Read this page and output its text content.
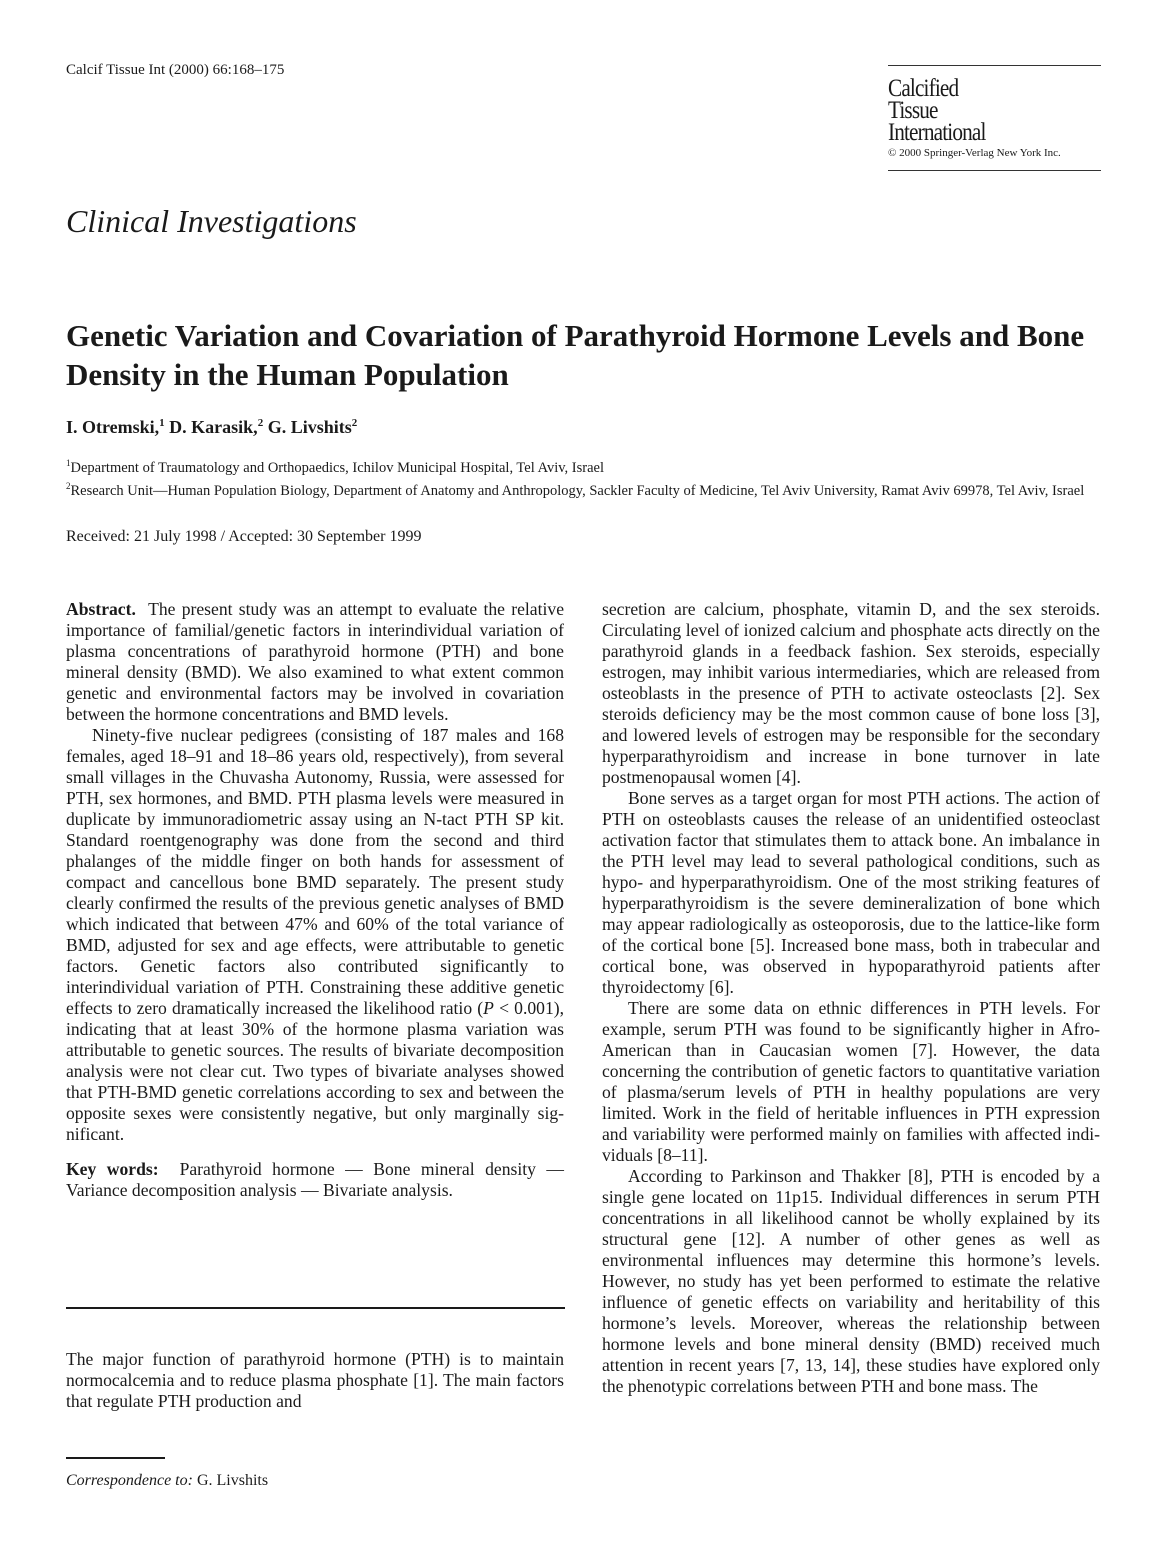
Calcif Tissue Int (2000) 66:168–175
Calcified
Tissue
International
© 2000 Springer-Verlag New York Inc.
Clinical Investigations
Genetic Variation and Covariation of Parathyroid Hormone Levels and Bone Density in the Human Population
I. Otremski,$^1$ D. Karasik,$^2$ G. Livshits$^2$
$^1$Department of Traumatology and Orthopaedics, Ichilov Municipal Hospital, Tel Aviv, Israel
$^2$Research Unit—Human Population Biology, Department of Anatomy and Anthropology, Sackler Faculty of Medicine, Tel Aviv University, Ramat Aviv 69978, Tel Aviv, Israel
Received: 21 July 1998 / Accepted: 30 September 1999

Abstract. The present study was an attempt to evaluate the relative importance of familial/genetic factors in interindividual variation of plasma concentrations of parathyroid hormone (PTH) and bone mineral density (BMD). We also examined to what extent common genetic and environmental factors may be involved in covariation between the hormone concentrations and BMD levels.

Ninety-five nuclear pedigrees (consisting of 187 males and 168 females, aged 18–91 and 18–86 years old, respectively), from several small villages in the Chuvasha Autonomy, Russia, were assessed for PTH, sex hormones, and BMD. PTH plasma levels were measured in duplicate by immunoradiometric assay using an N-tact PTH SP kit. Standard roentgenography was done from the second and third phalanges of the middle finger on both hands for assessment of compact and cancellous bone BMD separately. The present study clearly confirmed the results of the previous genetic analyses of BMD which indicated that between 47% and 60% of the total variance of BMD, adjusted for sex and age effects, were attributable to genetic factors. Genetic factors also contributed significantly to interindividual variation of PTH. Constraining these additive genetic effects to zero dramatically increased the likelihood ratio (P < 0.001), indicating that at least 30% of the hormone plasma variation was attributable to genetic sources. The results of bivariate decomposition analysis were not clear cut. Two types of bivariate analyses showed that PTH-BMD genetic correlations according to sex and between the opposite sexes were consistently negative, but only marginally significant.

Key words: Parathyroid hormone — Bone mineral density — Variance decomposition analysis — Bivariate analysis.

The major function of parathyroid hormone (PTH) is to maintain normocalcemia and to reduce plasma phosphate [1]. The main factors that regulate PTH production and

Correspondence to: G. Livshits

secretion are calcium, phosphate, vitamin D, and the sex steroids. Circulating level of ionized calcium and phosphate acts directly on the parathyroid glands in a feedback fashion. Sex steroids, especially estrogen, may inhibit various intermediaries, which are released from osteoblasts in the presence of PTH to activate osteoclasts [2]. Sex steroids deficiency may be the most common cause of bone loss [3], and lowered levels of estrogen may be responsible for the secondary hyperparathyroidism and increase in bone turnover in late postmenopausal women [4].

Bone serves as a target organ for most PTH actions. The action of PTH on osteoblasts causes the release of an unidentified osteoclast activation factor that stimulates them to attack bone. An imbalance in the PTH level may lead to several pathological conditions, such as hypo- and hyperparathyroidism. One of the most striking features of hyperparathyroidism is the severe demineralization of bone which may appear radiologically as osteoporosis, due to the lattice-like form of the cortical bone [5]. Increased bone mass, both in trabecular and cortical bone, was observed in hypoparathyroid patients after thyroidectomy [6].

There are some data on ethnic differences in PTH levels. For example, serum PTH was found to be significantly higher in Afro-American than in Caucasian women [7]. However, the data concerning the contribution of genetic factors to quantitative variation of plasma/serum levels of PTH in healthy populations are very limited. Work in the field of heritable influences in PTH expression and variability were performed mainly on families with affected individuals [8–11].

According to Parkinson and Thakker [8], PTH is encoded by a single gene located on 11p15. Individual differences in serum PTH concentrations in all likelihood cannot be wholly explained by its structural gene [12]. A number of other genes as well as environmental influences may determine this hormone’s levels. However, no study has yet been performed to estimate the relative influence of genetic effects on variability and heritability of this hormone’s levels. Moreover, whereas the relationship between hormone levels and bone mineral density (BMD) received much attention in recent years [7, 13, 14], these studies have explored only the phenotypic correlations between PTH and bone mass. The
